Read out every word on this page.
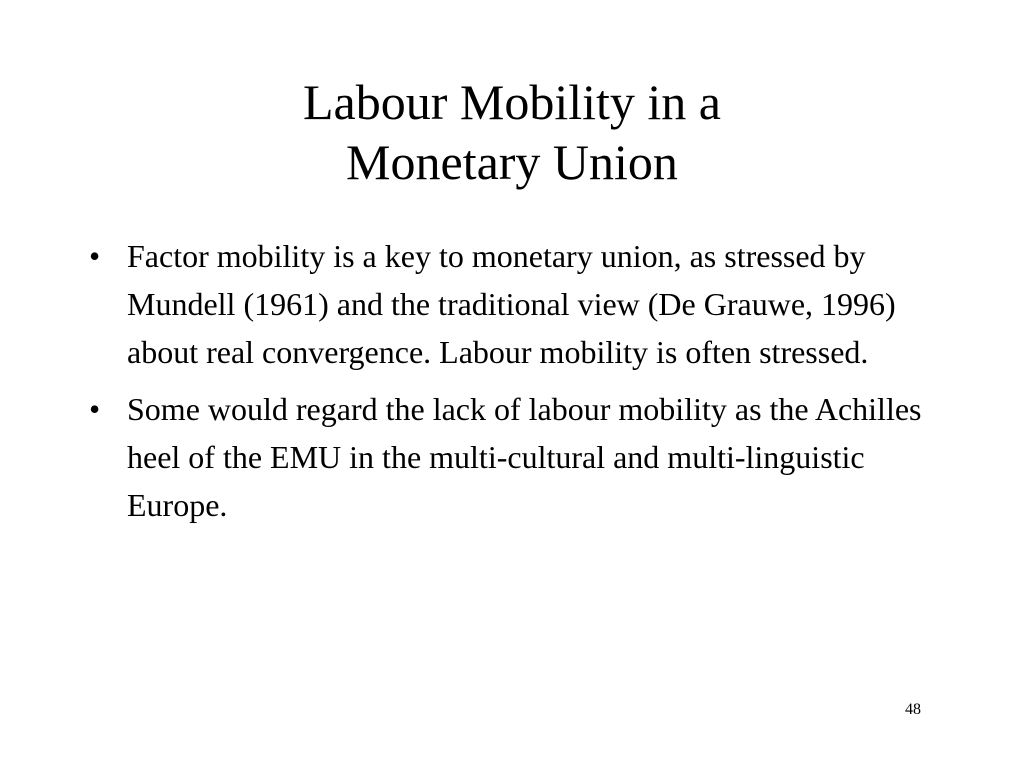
Labour Mobility in a
Monetary Union
• Factor mobility is a key to monetary union, as stressed by Mundell (1961) and the traditional view (De Grauwe, 1996) about real convergence. Labour mobility is often stressed.
• Some would regard the lack of labour mobility as the Achilles heel of the EMU in the multi-cultural and multi-linguistic Europe.
48
